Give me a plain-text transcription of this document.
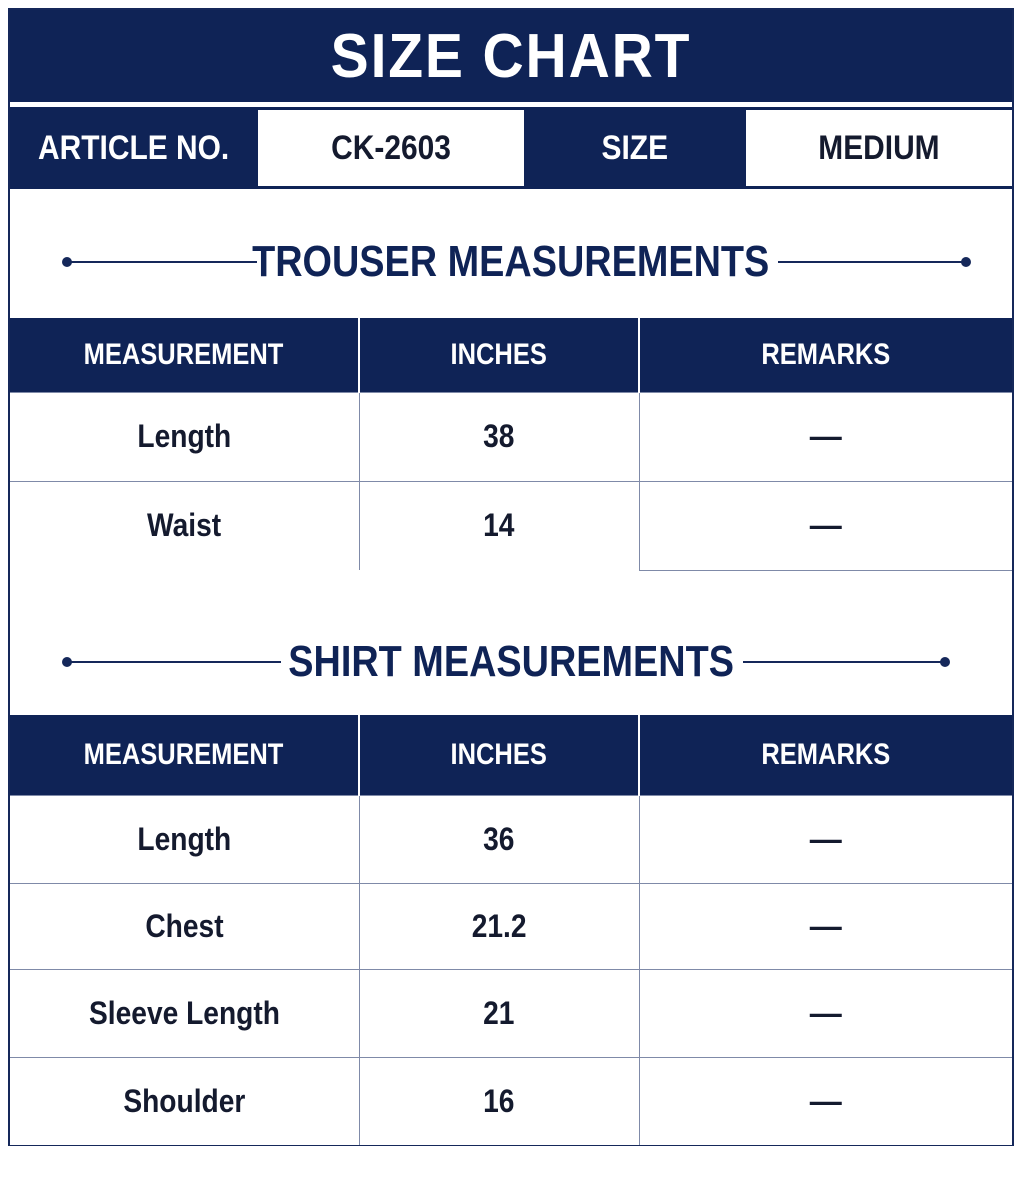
SIZE CHART
ARTICLE NO.	CK-2603	SIZE	MEDIUM
TROUSER MEASUREMENTS
MEASUREMENT	INCHES	REMARKS
Length	38	—
Waist	14	—
SHIRT MEASUREMENTS
MEASUREMENT	INCHES	REMARKS
Length	36	—
Chest	21.2	—
Sleeve Length	21	—
Shoulder	16	—
